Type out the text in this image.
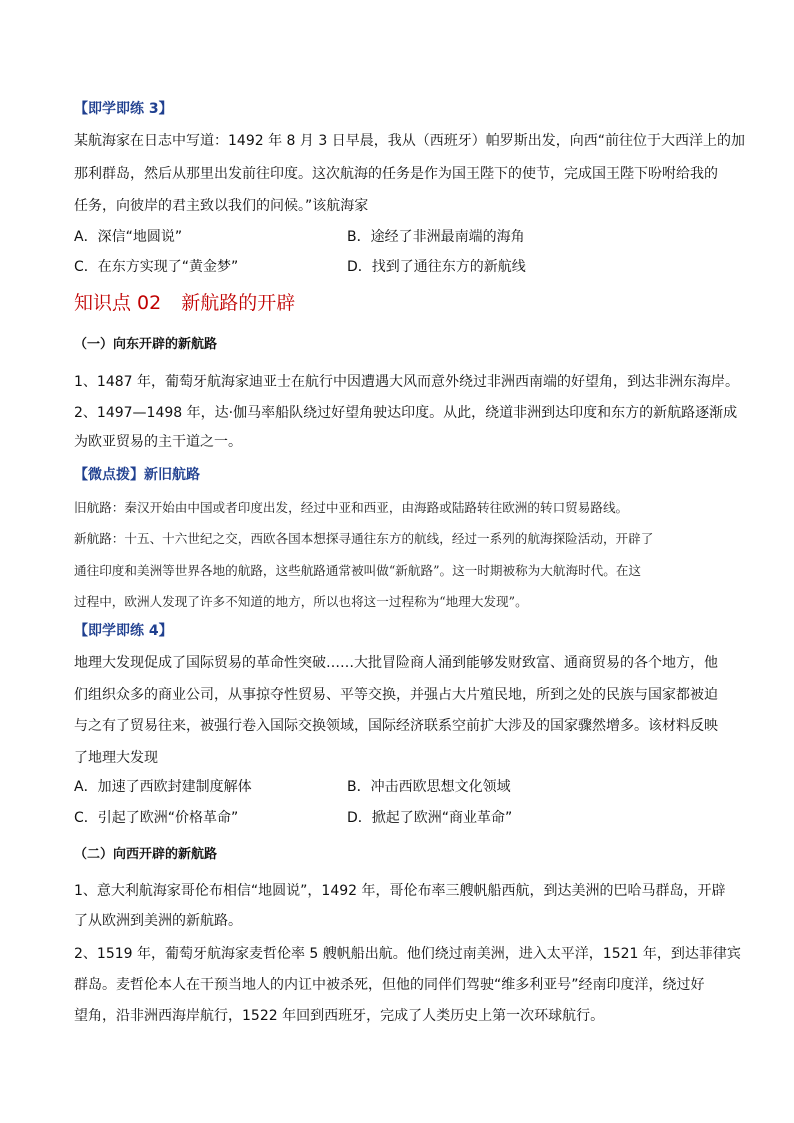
【即学即练 3】
某航海家在日志中写道：1492 年 8 月 3 日早晨，我从（西班牙）帕罗斯出发，向西“前往位于大西洋上的加
那利群岛，然后从那里出发前往印度。这次航海的任务是作为国王陛下的使节，完成国王陛下吩咐给我的
任务，向彼岸的君主致以我们的问候。”该航海家
A．深信“地圆说”	B．途经了非洲最南端的海角
C．在东方实现了“黄金梦”	D．找到了通往东方的新航线
知识点 02 新航路的开辟
（一）向东开辟的新航路
1、1487 年，葡萄牙航海家迪亚士在航行中因遭遇大风而意外绕过非洲西南端的好望角，到达非洲东海岸。
2、1497—1498 年，达·伽马率船队绕过好望角驶达印度。从此，绕道非洲到达印度和东方的新航路逐渐成
为欧亚贸易的主干道之一。
【微点拨】新旧航路
旧航路：秦汉开始由中国或者印度出发，经过中亚和西亚，由海路或陆路转往欧洲的转口贸易路线。
新航路：十五、十六世纪之交，西欧各国本想探寻通往东方的航线，经过一系列的航海探险活动，开辟了
通往印度和美洲等世界各地的航路，这些航路通常被叫做“新航路”。这一时期被称为大航海时代。在这
过程中，欧洲人发现了许多不知道的地方，所以也将这一过程称为“地理大发现”。
【即学即练 4】
地理大发现促成了国际贸易的革命性突破……大批冒险商人涌到能够发财致富、通商贸易的各个地方，他
们组织众多的商业公司，从事掠夺性贸易、平等交换，并强占大片殖民地，所到之处的民族与国家都被迫
与之有了贸易往来，被强行卷入国际交换领域，国际经济联系空前扩大涉及的国家骤然增多。该材料反映
了地理大发现
A．加速了西欧封建制度解体	B．冲击西欧思想文化领域
C．引起了欧洲“价格革命”	D．掀起了欧洲“商业革命”
（二）向西开辟的新航路
1、意大利航海家哥伦布相信“地圆说”，1492 年，哥伦布率三艘帆船西航，到达美洲的巴哈马群岛，开辟
了从欧洲到美洲的新航路。
2、1519 年，葡萄牙航海家麦哲伦率 5 艘帆船出航。他们绕过南美洲，进入太平洋，1521 年，到达菲律宾
群岛。麦哲伦本人在干预当地人的内讧中被杀死，但他的同伴们驾驶“维多利亚号”经南印度洋，绕过好
望角，沿非洲西海岸航行，1522 年回到西班牙，完成了人类历史上第一次环球航行。
